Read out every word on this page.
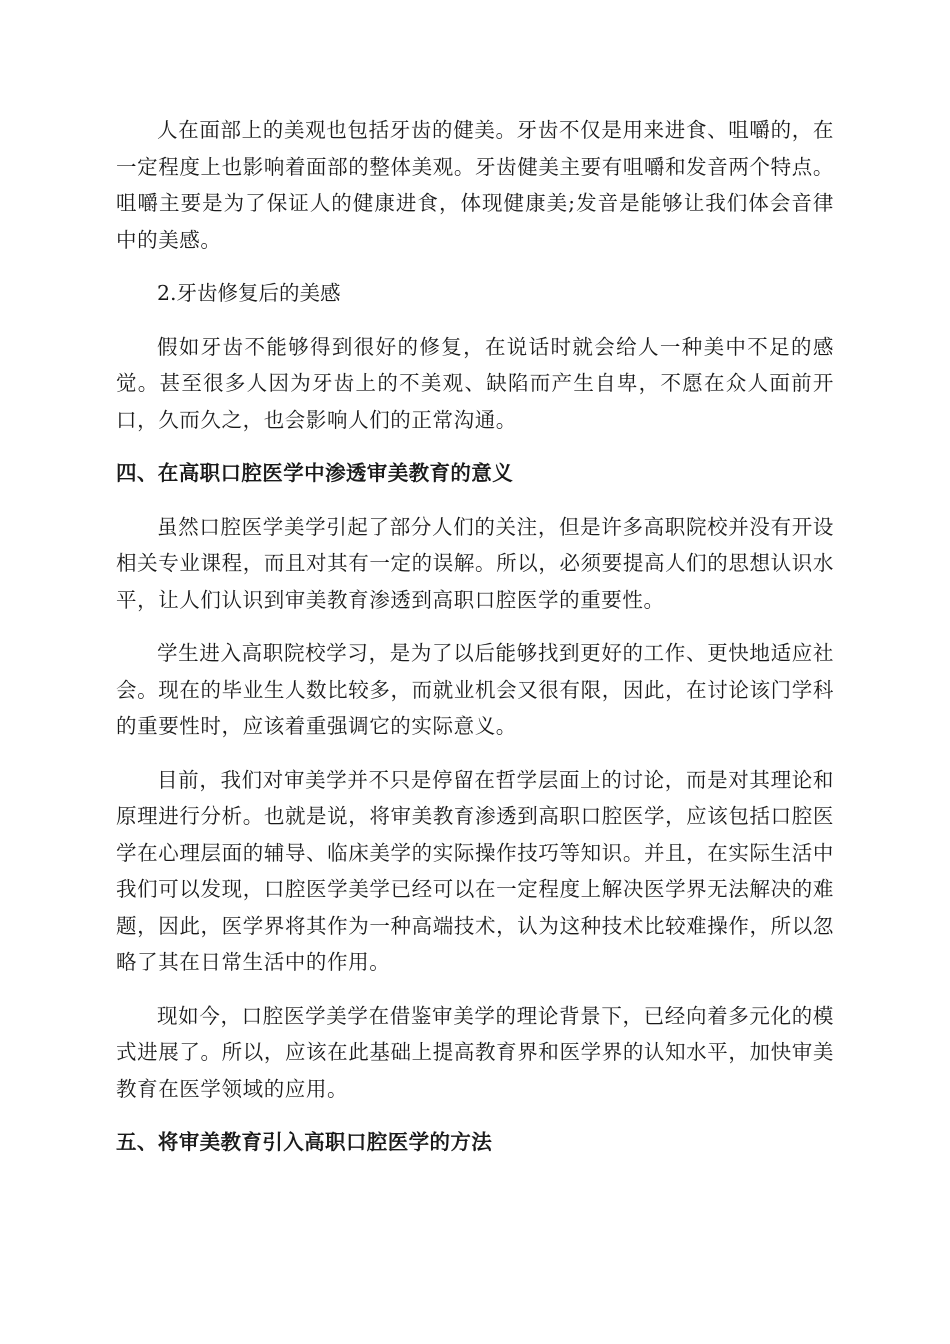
人在面部上的美观也包括牙齿的健美。牙齿不仅是用来进食、咀嚼的，在一定程度上也影响着面部的整体美观。牙齿健美主要有咀嚼和发音两个特点。咀嚼主要是为了保证人的健康进食，体现健康美;发音是能够让我们体会音律中的美感。

2.牙齿修复后的美感

假如牙齿不能够得到很好的修复，在说话时就会给人一种美中不足的感觉。甚至很多人因为牙齿上的不美观、缺陷而产生自卑，不愿在众人面前开口，久而久之，也会影响人们的正常沟通。

四、在高职口腔医学中渗透审美教育的意义

虽然口腔医学美学引起了部分人们的关注，但是许多高职院校并没有开设相关专业课程，而且对其有一定的误解。所以，必须要提高人们的思想认识水平，让人们认识到审美教育渗透到高职口腔医学的重要性。

学生进入高职院校学习，是为了以后能够找到更好的工作、更快地适应社会。现在的毕业生人数比较多，而就业机会又很有限，因此，在讨论该门学科的重要性时，应该着重强调它的实际意义。

目前，我们对审美学并不只是停留在哲学层面上的讨论，而是对其理论和原理进行分析。也就是说，将审美教育渗透到高职口腔医学，应该包括口腔医学在心理层面的辅导、临床美学的实际操作技巧等知识。并且，在实际生活中我们可以发现，口腔医学美学已经可以在一定程度上解决医学界无法解决的难题，因此，医学界将其作为一种高端技术，认为这种技术比较难操作，所以忽略了其在日常生活中的作用。

现如今，口腔医学美学在借鉴审美学的理论背景下，已经向着多元化的模式进展了。所以，应该在此基础上提高教育界和医学界的认知水平，加快审美教育在医学领域的应用。

五、将审美教育引入高职口腔医学的方法
